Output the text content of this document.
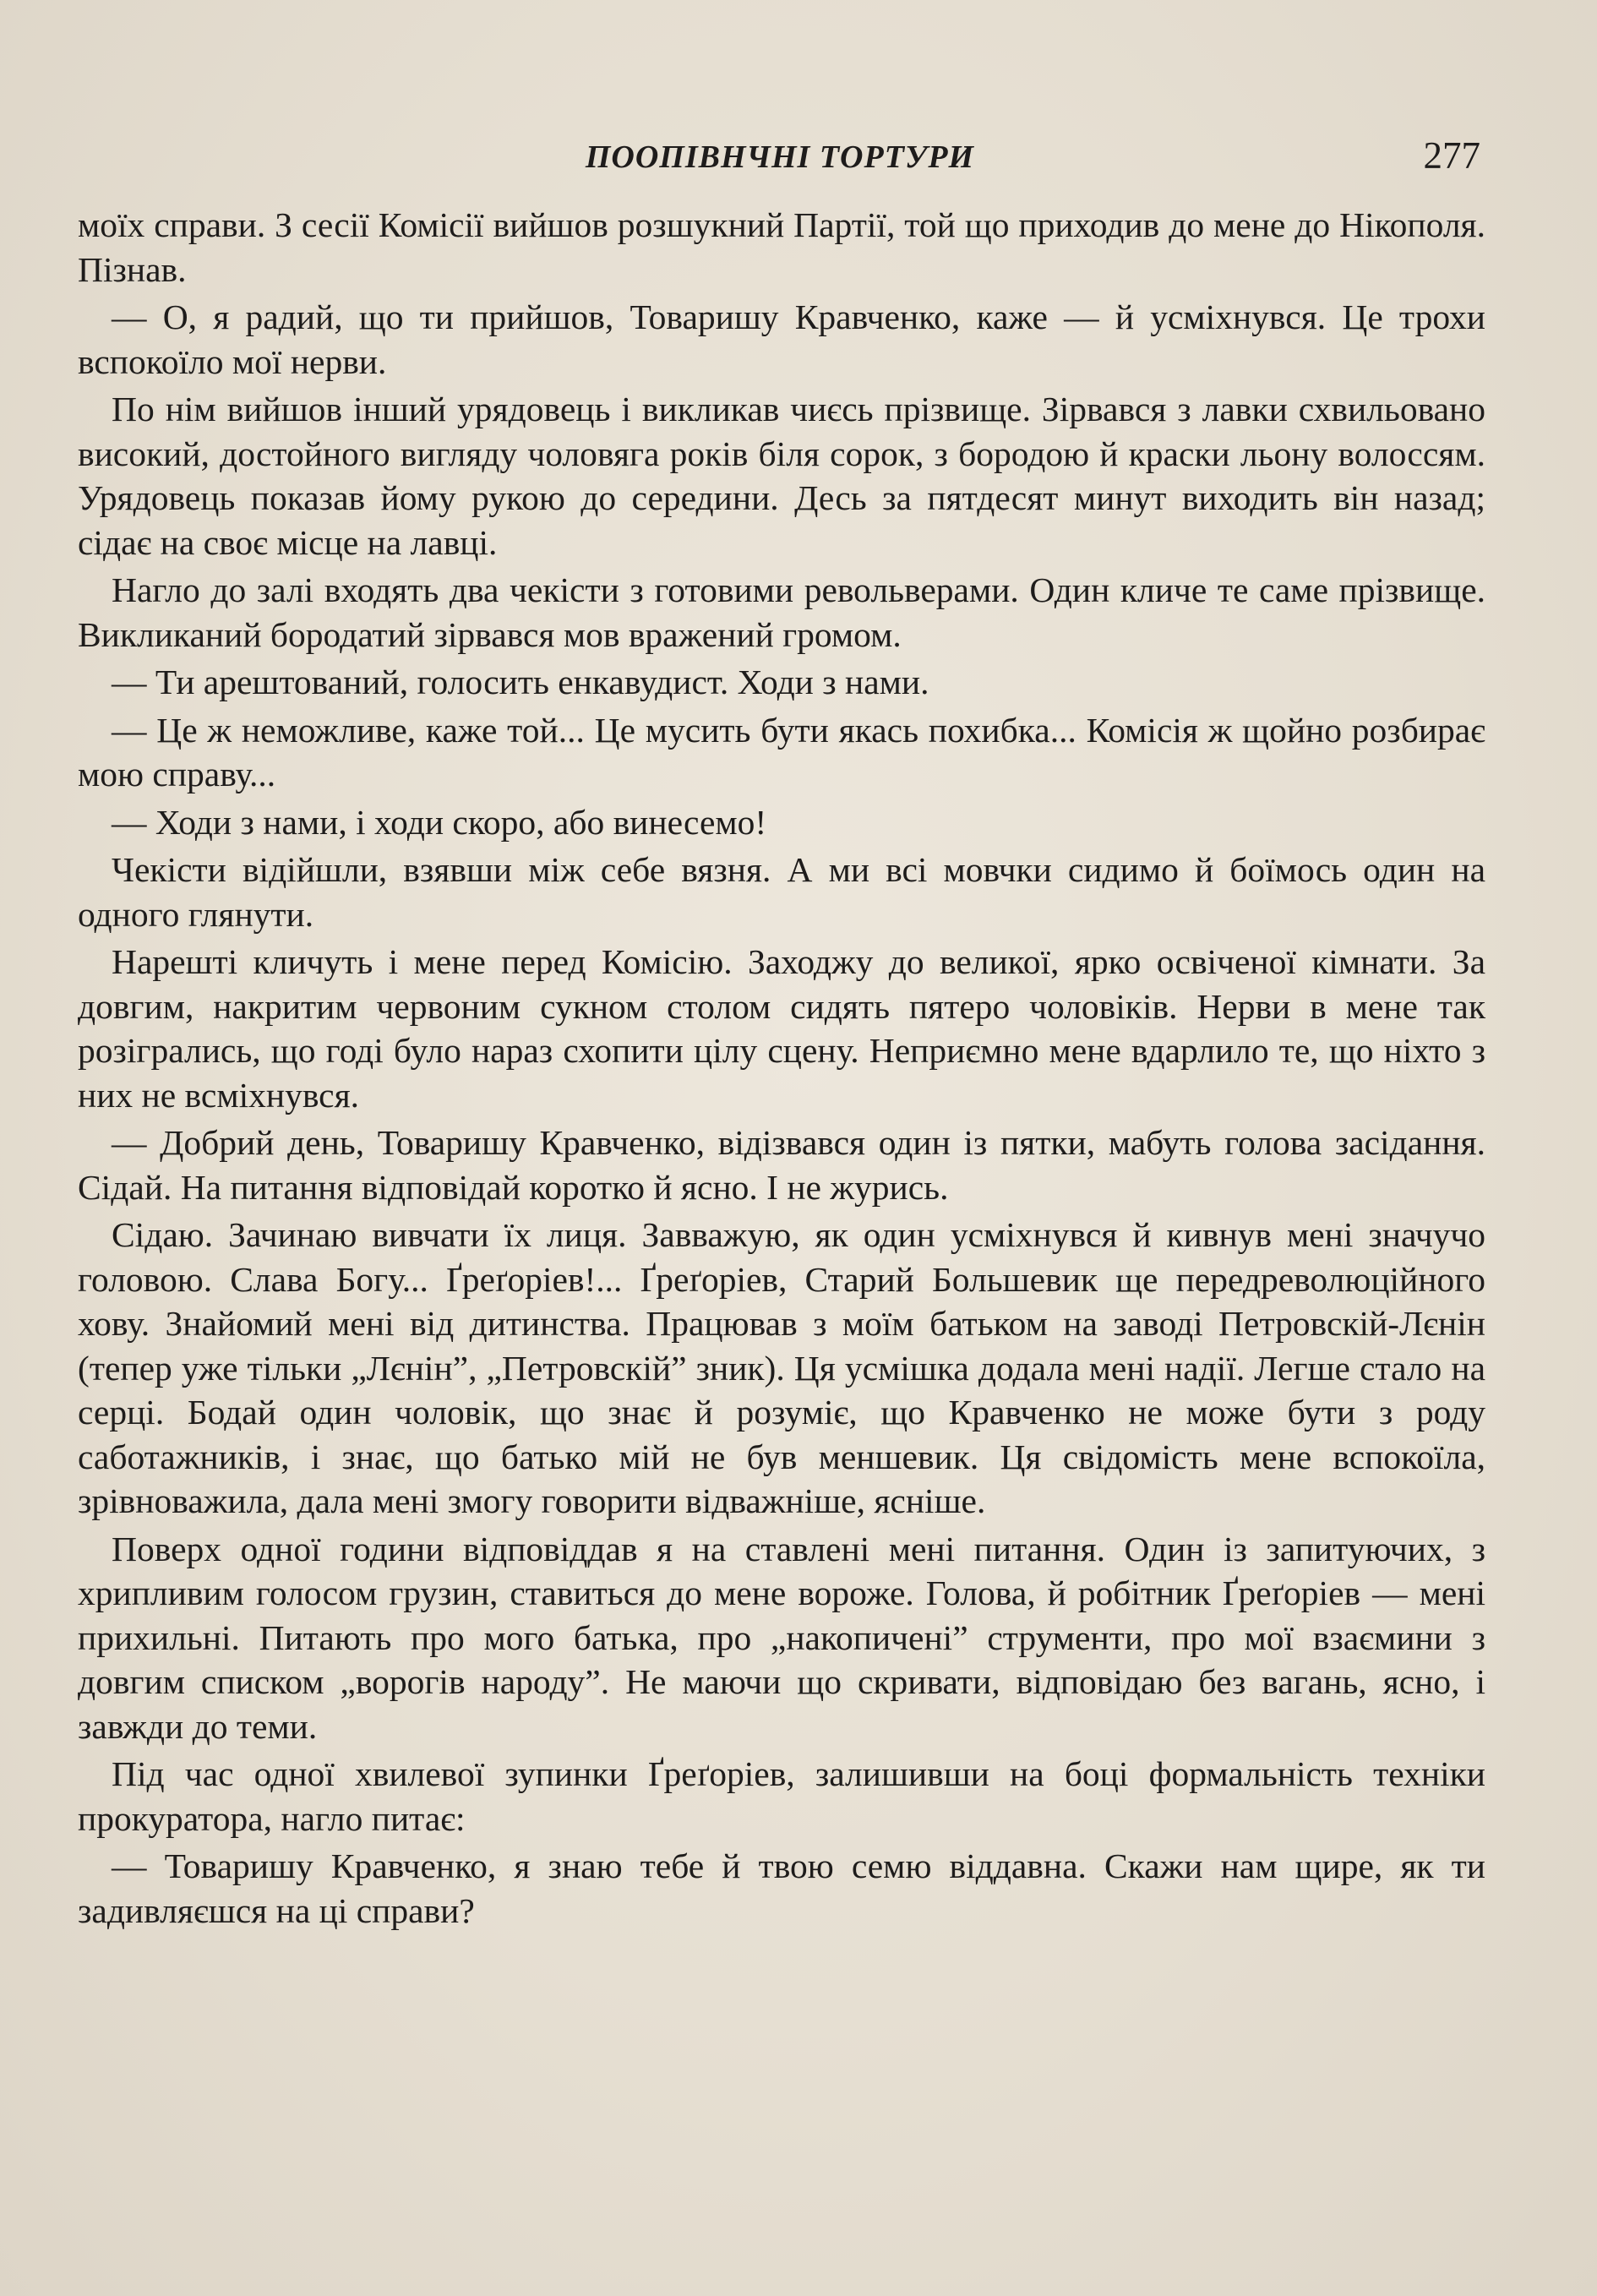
ПООПІВНЧНІ ТОРТУРИ	277

моїх справи. З сесії Комісії вийшов розшукний Партії, той що приходив до мене до Нікополя. Пізнав.

— О, я радий, що ти прийшов, Товаришу Кравченко, каже — й усміхнувся. Це трохи вспокоїло мої нерви.

По нім вийшов інший урядовець і викликав чиєсь прізвище. Зірвався з лавки схвильовано високий, достойного вигляду чоловяга років біля сорок, з бородою й краски льону волоссям. Урядовець показав йому рукою до середини. Десь за пятдесят минут виходить він назад; сідає на своє місце на лавці.

Нагло до залі входять два чекісти з готовими револьверами. Один кличе те саме прізвище. Викликаний бородатий зірвався мов вражений громом.

— Ти арештований, голосить енкавудист. Ходи з нами.

— Це ж неможливе, каже той... Це мусить бути якась похибка... Комісія ж щойно розбирає мою справу...

— Ходи з нами, і ходи скоро, або винесемо!

Чекісти відійшли, взявши між себе вязня. А ми всі мовчки сидимо й боїмось один на одного глянути.

Нарешті кличуть і мене перед Комісію. Заходжу до великої, ярко освіченої кімнати. За довгим, накритим червоним сукном столом сидять пятеро чоловіків. Нерви в мене так розігрались, що годі було нараз схопити цілу сцену. Неприємно мене вдарлило те, що ніхто з них не всміхнувся.

— Добрий день, Товаришу Кравченко, відізвався один із пятки, мабуть голова засідання. Сідай. На питання відповідай коротко й ясно. І не журись.

Сідаю. Зачинаю вивчати їх лиця. Завважую, як один усміхнувся й кивнув мені значучо головою. Слава Богу... Ґреґоріев!... Ґреґоріев, Старий Большевик ще передреволюційного хову. Знайомий мені від дитинства. Працював з моїм батьком на заводі Петровскій-Лєнін (тепер уже тільки „Лєнін”, „Петровскій” зник). Ця усмішка додала мені надії. Легше стало на серці. Бодай один чоловік, що знає й розуміє, що Кравченко не може бути з роду саботажників, і знає, що батько мій не був меншевик. Ця свідомість мене вспокоїла, зрівноважила, дала мені змогу говорити відважніше, ясніше.

Поверх одної години відповіддав я на ставлені мені питання. Один із запитуючих, з хрипливим голосом грузин, ставиться до мене вороже. Голова, й робітник Ґреґоріев — мені прихильні. Питають про мого батька, про „накопичені” струменти, про мої взаємини з довгим списком „ворогів народу”. Не маючи що скривати, відповідаю без вагань, ясно, і завжди до теми.

Під час одної хвилевої зупинки Ґреґоріев, залишивши на боці формальність техніки прокуратора, нагло питає:

— Товаришу Кравченко, я знаю тебе й твою семю віддавна. Скажи нам щире, як ти задивляєшся на ці справи?
